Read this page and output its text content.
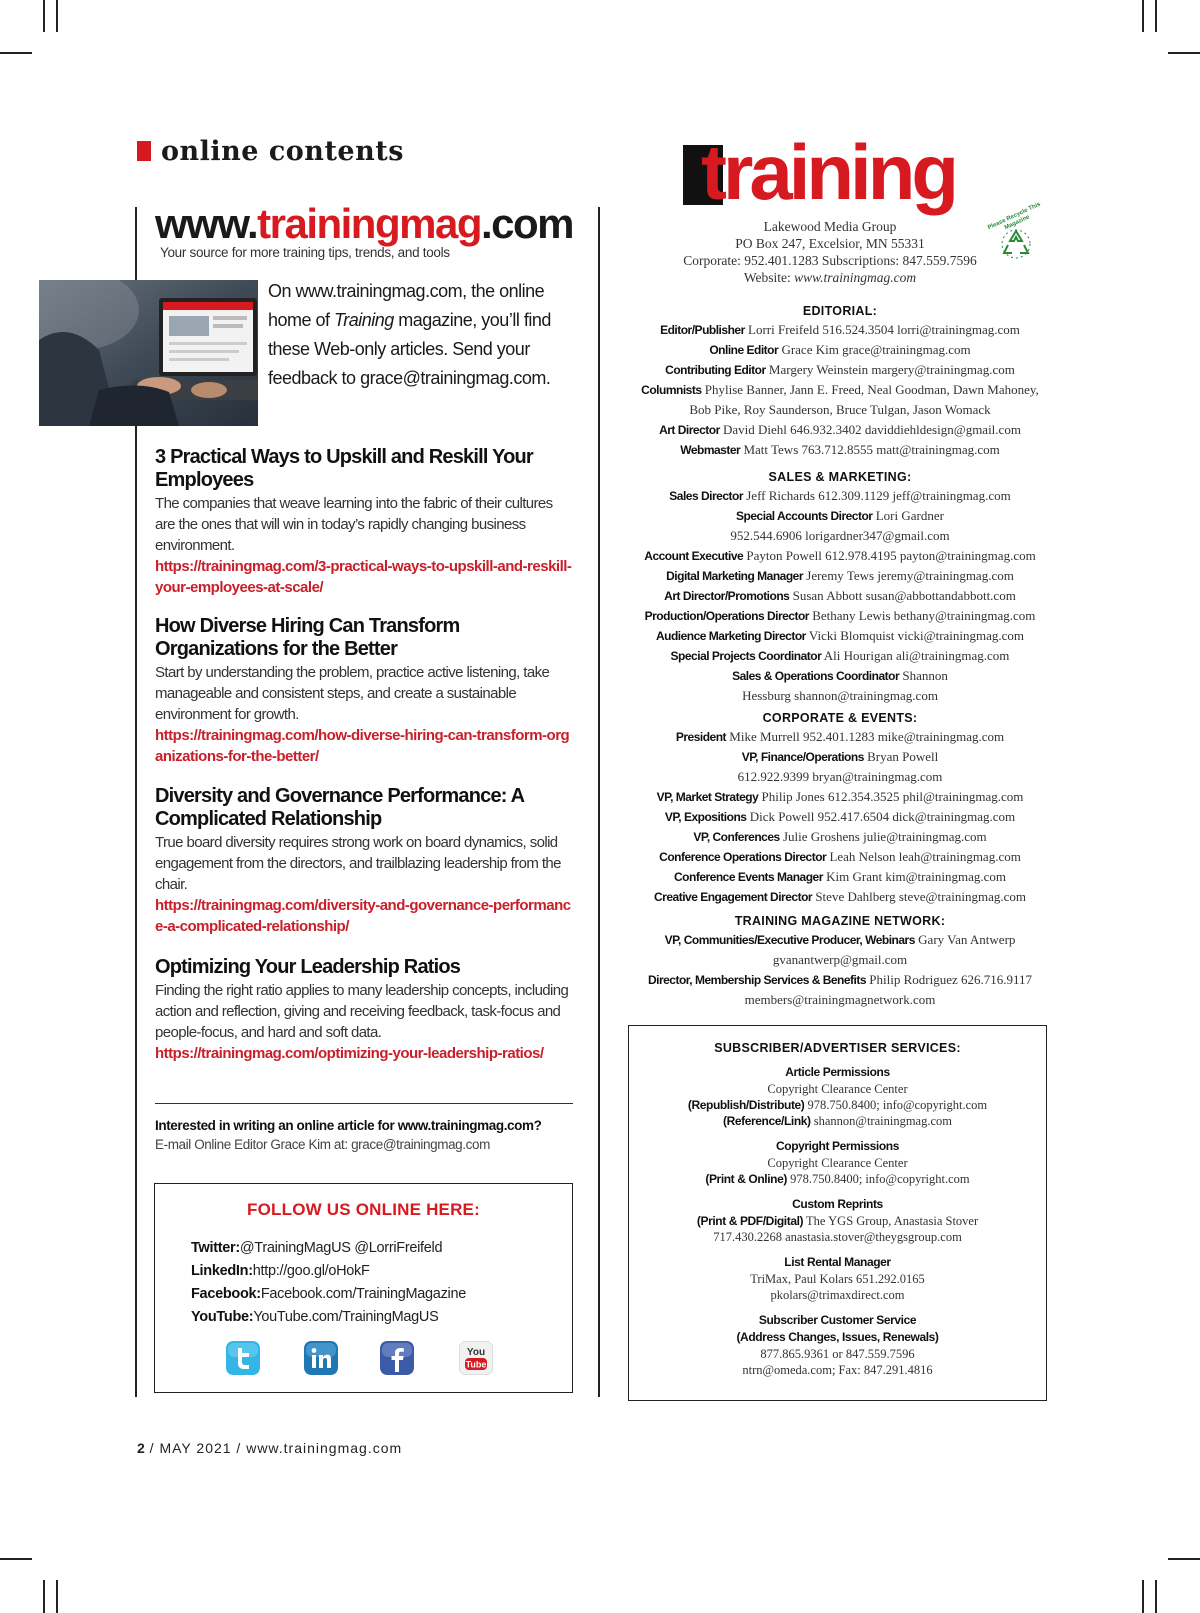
online contents
www.trainingmag.com
Your source for more training tips, trends, and tools
On www.trainingmag.com, the online home of Training magazine, you’ll find these Web-only articles. Send your feedback to grace@trainingmag.com.
3 Practical Ways to Upskill and Reskill Your Employees
The companies that weave learning into the fabric of their cultures are the ones that will win in today’s rapidly changing business environment.
https://trainingmag.com/3-practical-ways-to-upskill-and-reskill-your-employees-at-scale/
How Diverse Hiring Can Transform Organizations for the Better
Start by understanding the problem, practice active listening, take manageable and consistent steps, and create a sustainable environment for growth.
https://trainingmag.com/how-diverse-hiring-can-transform-organizations-for-the-better/
Diversity and Governance Performance: A Complicated Relationship
True board diversity requires strong work on board dynamics, solid engagement from the directors, and trailblazing leadership from the chair.
https://trainingmag.com/diversity-and-governance-performance-a-complicated-relationship/
Optimizing Your Leadership Ratios
Finding the right ratio applies to many leadership concepts, including action and reflection, giving and receiving feedback, task-focus and people-focus, and hard and soft data.
https://trainingmag.com/optimizing-your-leadership-ratios/
Interested in writing an online article for www.trainingmag.com?
E-mail Online Editor Grace Kim at: grace@trainingmag.com
FOLLOW US ONLINE HERE:
Twitter:@TrainingMagUS @LorriFreifeld
LinkedIn:http://goo.gl/oHokF
Facebook:Facebook.com/TrainingMagazine
YouTube:YouTube.com/TrainingMagUS
You
Tube
2 / MAY 2021 / www.trainingmag.com
training
Please Recycle This Magazine
Lakewood Media Group
PO Box 247, Excelsior, MN 55331
Corporate: 952.401.1283 Subscriptions: 847.559.7596
Website: www.trainingmag.com
EDITORIAL:
Editor/Publisher Lorri Freifeld 516.524.3504 lorri@trainingmag.com
Online Editor Grace Kim grace@trainingmag.com
Contributing Editor Margery Weinstein margery@trainingmag.com
Columnists Phylise Banner, Jann E. Freed, Neal Goodman, Dawn Mahoney, Bob Pike, Roy Saunderson, Bruce Tulgan, Jason Womack
Art Director David Diehl 646.932.3402 daviddiehldesign@gmail.com
Webmaster Matt Tews 763.712.8555 matt@trainingmag.com
SALES & MARKETING:
Sales Director Jeff Richards 612.309.1129 jeff@trainingmag.com
Special Accounts Director Lori Gardner 952.544.6906 lorigardner347@gmail.com
Account Executive Payton Powell 612.978.4195 payton@trainingmag.com
Digital Marketing Manager Jeremy Tews jeremy@trainingmag.com
Art Director/Promotions Susan Abbott susan@abbottandabbott.com
Production/Operations Director Bethany Lewis bethany@trainingmag.com
Audience Marketing Director Vicki Blomquist vicki@trainingmag.com
Special Projects Coordinator Ali Hourigan ali@trainingmag.com
Sales & Operations Coordinator Shannon Hessburg shannon@trainingmag.com
CORPORATE & EVENTS:
President Mike Murrell 952.401.1283 mike@trainingmag.com
VP, Finance/Operations Bryan Powell 612.922.9399 bryan@trainingmag.com
VP, Market Strategy Philip Jones 612.354.3525 phil@trainingmag.com
VP, Expositions Dick Powell 952.417.6504 dick@trainingmag.com
VP, Conferences Julie Groshens julie@trainingmag.com
Conference Operations Director Leah Nelson leah@trainingmag.com
Conference Events Manager Kim Grant kim@trainingmag.com
Creative Engagement Director Steve Dahlberg steve@trainingmag.com
TRAINING MAGAZINE NETWORK:
VP, Communities/Executive Producer, Webinars Gary Van Antwerp gvanantwerp@gmail.com
Director, Membership Services & Benefits Philip Rodriguez 626.716.9117 members@trainingmagnetwork.com
SUBSCRIBER/ADVERTISER SERVICES:
Article Permissions
Copyright Clearance Center
(Republish/Distribute) 978.750.8400; info@copyright.com
(Reference/Link) shannon@trainingmag.com
Copyright Permissions
Copyright Clearance Center
(Print & Online) 978.750.8400; info@copyright.com
Custom Reprints
(Print & PDF/Digital) The YGS Group, Anastasia Stover
717.430.2268 anastasia.stover@theygsgroup.com
List Rental Manager
TriMax, Paul Kolars 651.292.0165
pkolars@trimaxdirect.com
Subscriber Customer Service
(Address Changes, Issues, Renewals)
877.865.9361 or 847.559.7596
ntrn@omeda.com; Fax: 847.291.4816
